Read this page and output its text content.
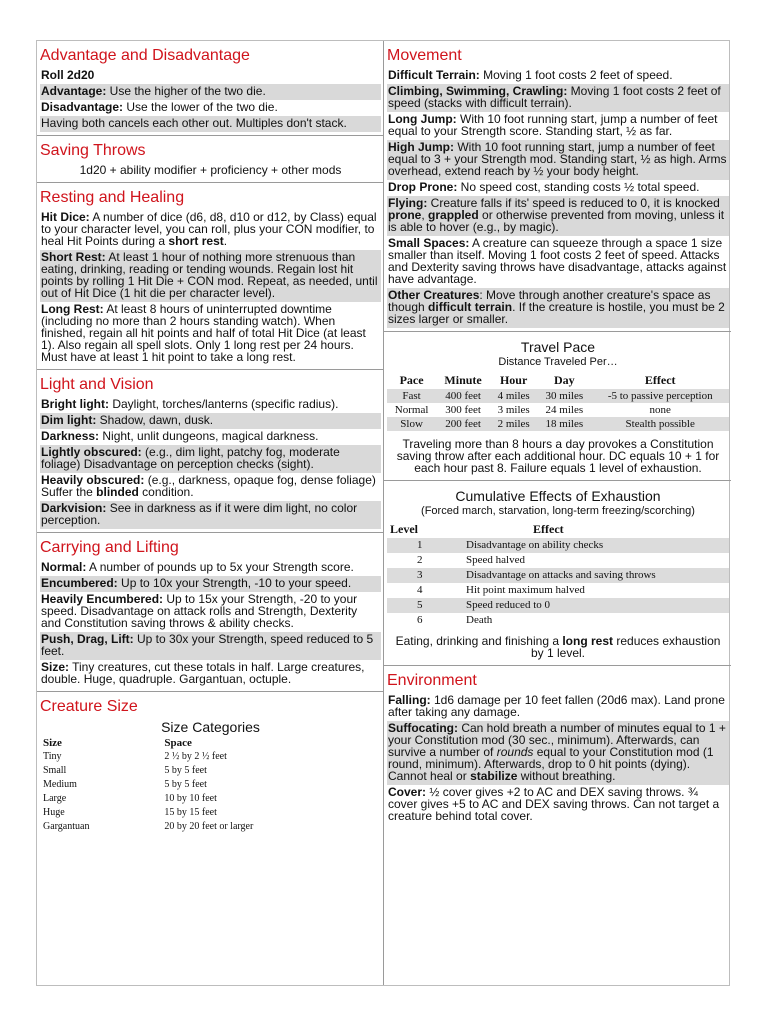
Advantage and Disadvantage

Roll 2d20

Advantage: Use the higher of the two die.

Disadvantage: Use the lower of the two die.

Having both cancels each other out. Multiples don't stack.

Saving Throws

1d20 + ability modifier + proficiency + other mods

Resting and Healing

Hit Dice: A number of dice (d6, d8, d10 or d12, by Class) equal to your character level, you can roll, plus your CON modifier, to heal Hit Points during a short rest.

Short Rest: At least 1 hour of nothing more strenuous than eating, drinking, reading or tending wounds. Regain lost hit points by rolling 1 Hit Die + CON mod. Repeat, as needed, until out of Hit Dice (1 hit die per character level).

Long Rest: At least 8 hours of uninterrupted downtime (including no more than 2 hours standing watch). When finished, regain all hit points and half of total Hit Dice (at least 1). Also regain all spell slots. Only 1 long rest per 24 hours. Must have at least 1 hit point to take a long rest.

Light and Vision

Bright light: Daylight, torches/lanterns (specific radius).

Dim light: Shadow, dawn, dusk.

Darkness: Night, unlit dungeons, magical darkness.

Lightly obscured: (e.g., dim light, patchy fog, moderate foliage) Disadvantage on perception checks (sight).

Heavily obscured: (e.g., darkness, opaque fog, dense foliage) Suffer the blinded condition.

Darkvision: See in darkness as if it were dim light, no color perception.

Carrying and Lifting

Normal: A number of pounds up to 5x your Strength score.

Encumbered: Up to 10x your Strength, -10 to your speed.

Heavily Encumbered: Up to 15x your Strength, -20 to your speed. Disadvantage on attack rolls and Strength, Dexterity and Constitution saving throws & ability checks.

Push, Drag, Lift: Up to 30x your Strength, speed reduced to 5 feet.

Size: Tiny creatures, cut these totals in half. Large creatures, double. Huge, quadruple. Gargantuan, octuple.

Creature Size
Size Categories
Size	Space
Tiny	2 ½ by 2 ½ feet
Small	5 by 5 feet
Medium	5 by 5 feet
Large	10 by 10 feet
Huge	15 by 15 feet
Gargantuan	20 by 20 feet or larger
Movement

Difficult Terrain: Moving 1 foot costs 2 feet of speed.

Climbing, Swimming, Crawling: Moving 1 foot costs 2 feet of speed (stacks with difficult terrain).

Long Jump: With 10 foot running start, jump a number of feet equal to your Strength score. Standing start, ½ as far.

High Jump: With 10 foot running start, jump a number of feet equal to 3 + your Strength mod. Standing start, ½ as high. Arms overhead, extend reach by ½ your body height.

Drop Prone: No speed cost, standing costs ½ total speed.

Flying: Creature falls if its' speed is reduced to 0, it is knocked prone, grappled or otherwise prevented from moving, unless it is able to hover (e.g., by magic).

Small Spaces: A creature can squeeze through a space 1 size smaller than itself. Moving 1 foot costs 2 feet of speed. Attacks and Dexterity saving throws have disadvantage, attacks against have advantage.

Other Creatures: Move through another creature's space as though difficult terrain. If the creature is hostile, you must be 2 sizes larger or smaller.

Travel Pace
Distance Traveled Per…
Pace	Minute	Hour	Day	Effect
Fast	400 feet	4 miles	30 miles	-5 to passive perception
Normal	300 feet	3 miles	24 miles	none
Slow	200 feet	2 miles	18 miles	Stealth possible

Traveling more than 8 hours a day provokes a Constitution saving throw after each additional hour. DC equals 10 + 1 for each hour past 8. Failure equals 1 level of exhaustion.

Cumulative Effects of Exhaustion
(Forced march, starvation, long-term freezing/scorching)
Level	Effect
1	Disadvantage on ability checks
2	Speed halved
3	Disadvantage on attacks and saving throws
4	Hit point maximum halved
5	Speed reduced to 0
6	Death

Eating, drinking and finishing a long rest reduces exhaustion by 1 level.

Environment

Falling: 1d6 damage per 10 feet fallen (20d6 max). Land prone after taking any damage.

Suffocating: Can hold breath a number of minutes equal to 1 + your Constitution mod (30 sec., minimum). Afterwards, can survive a number of rounds equal to your Constitution mod (1 round, minimum). Afterwards, drop to 0 hit points (dying). Cannot heal or stabilize without breathing.

Cover: ½ cover gives +2 to AC and DEX saving throws. ¾ cover gives +5 to AC and DEX saving throws. Can not target a creature behind total cover.
